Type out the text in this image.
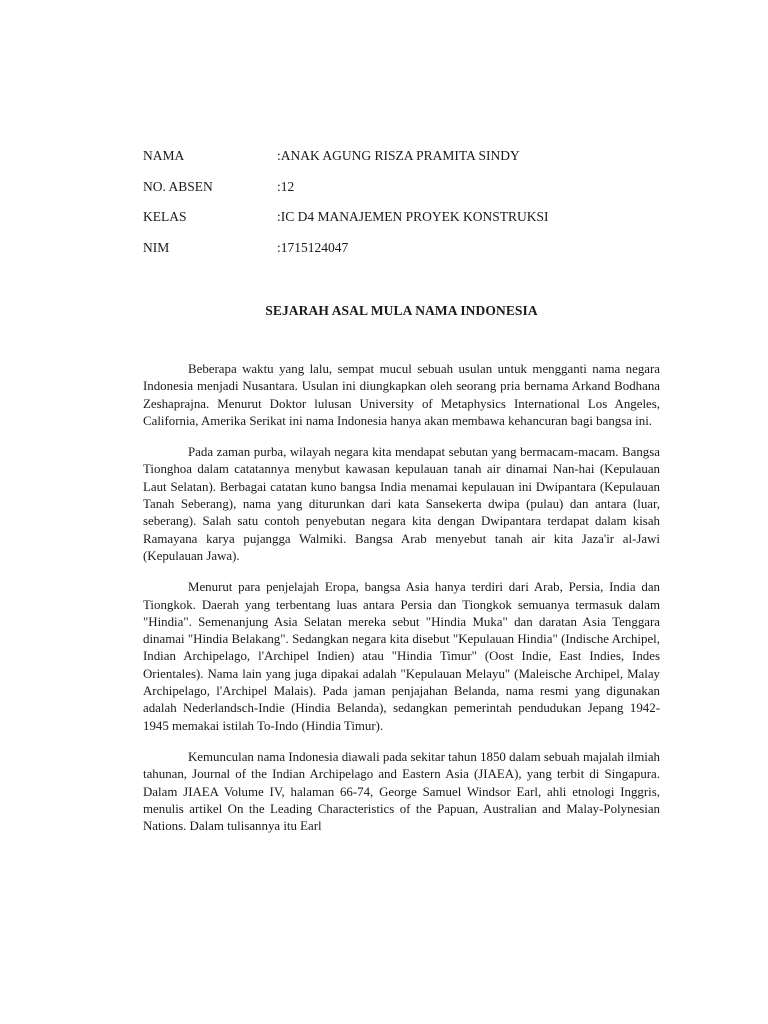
NAMA	: ANAK AGUNG RISZA PRAMITA SINDY
NO. ABSEN	: 12
KELAS	: IC D4 MANAJEMEN PROYEK KONSTRUKSI
NIM	: 1715124047
SEJARAH ASAL MULA NAMA INDONESIA

Beberapa waktu yang lalu, sempat mucul sebuah usulan untuk mengganti nama negara Indonesia menjadi Nusantara. Usulan ini diungkapkan oleh seorang pria bernama Arkand Bodhana Zeshaprajna. Menurut Doktor lulusan University of Metaphysics International Los Angeles, California, Amerika Serikat ini nama Indonesia hanya akan membawa kehancuran bagi bangsa ini.

Pada zaman purba, wilayah negara kita mendapat sebutan yang bermacam-macam. Bangsa Tionghoa dalam catatannya menybut kawasan kepulauan tanah air dinamai Nan-hai (Kepulauan Laut Selatan). Berbagai catatan kuno bangsa India menamai kepulauan ini Dwipantara (Kepulauan Tanah Seberang), nama yang diturunkan dari kata Sansekerta dwipa (pulau) dan antara (luar, seberang). Salah satu contoh penyebutan negara kita dengan Dwipantara terdapat dalam kisah Ramayana karya pujangga Walmiki. Bangsa Arab menyebut tanah air kita Jaza'ir al-Jawi (Kepulauan Jawa).

Menurut para penjelajah Eropa, bangsa Asia hanya terdiri dari Arab, Persia, India dan Tiongkok. Daerah yang terbentang luas antara Persia dan Tiongkok semuanya termasuk dalam "Hindia". Semenanjung Asia Selatan mereka sebut "Hindia Muka" dan daratan Asia Tenggara dinamai "Hindia Belakang". Sedangkan negara kita disebut "Kepulauan Hindia" (Indische Archipel, Indian Archipelago, l'Archipel Indien) atau "Hindia Timur" (Oost Indie, East Indies, Indes Orientales). Nama lain yang juga dipakai adalah "Kepulauan Melayu" (Maleische Archipel, Malay Archipelago, l'Archipel Malais). Pada jaman penjajahan Belanda, nama resmi yang digunakan adalah Nederlandsch-Indie (Hindia Belanda), sedangkan pemerintah pendudukan Jepang 1942-1945 memakai istilah To-Indo (Hindia Timur).

Kemunculan nama Indonesia diawali pada sekitar tahun 1850 dalam sebuah majalah ilmiah tahunan, Journal of the Indian Archipelago and Eastern Asia (JIAEA), yang terbit di Singapura. Dalam JIAEA Volume IV, halaman 66-74, George Samuel Windsor Earl, ahli etnologi Inggris, menulis artikel On the Leading Characteristics of the Papuan, Australian and Malay-Polynesian Nations. Dalam tulisannya itu Earl
